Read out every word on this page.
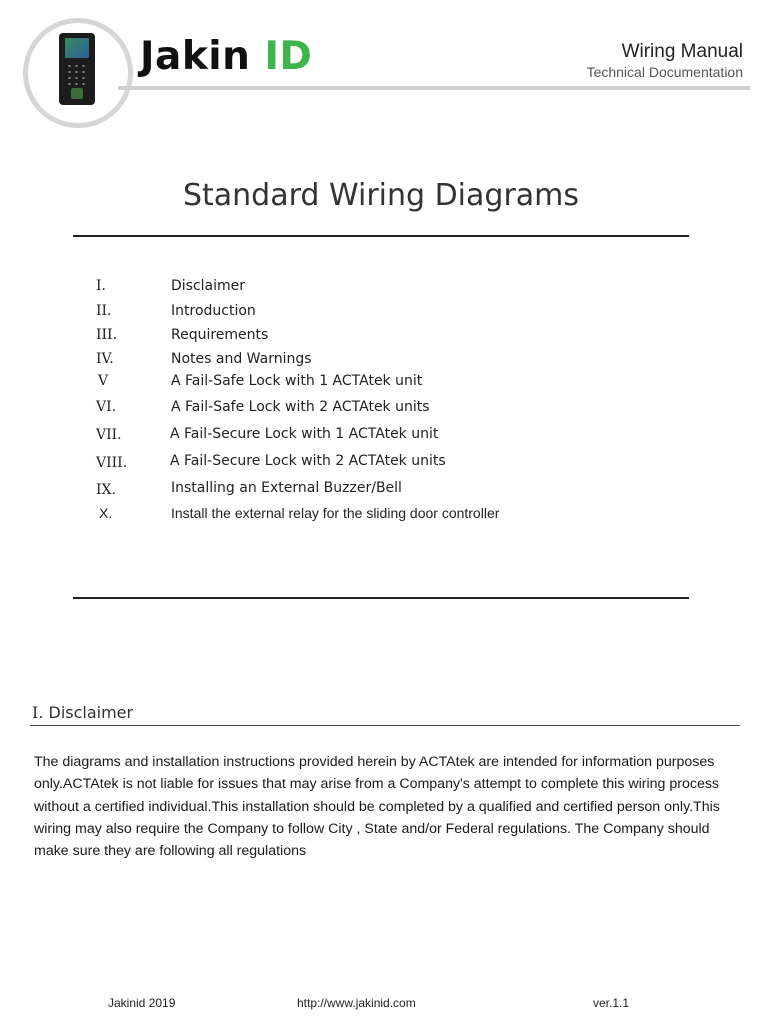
Jakin ID	Wiring Manual
Technical Documentation
Standard Wiring Diagrams
I.	Disclaimer
II.	Introduction
III.	Requirements
IV.	Notes and Warnings
V	A Fail-Safe Lock with 1 ACTAtek unit
VI.	A Fail-Safe Lock with 2 ACTAtek units
VII.	A Fail-Secure Lock with 1 ACTAtek unit
VIII.	A Fail-Secure Lock with 2 ACTAtek units
IX.	Installing an External Buzzer/Bell
X.	Install the external relay for the sliding door controller
I. Disclaimer
The diagrams and installation instructions provided herein by ACTAtek are intended for information purposes only.ACTAtek is not liable for issues that may arise from a Company's attempt to complete this wiring process without a certified individual.This installation should be completed by a qualified and certified person only.This wiring may also require the Company to follow City , State and/or Federal regulations. The Company should make sure they are following all regulations
Jakinid 2019	http://www.jakinid.com	ver.1.1
